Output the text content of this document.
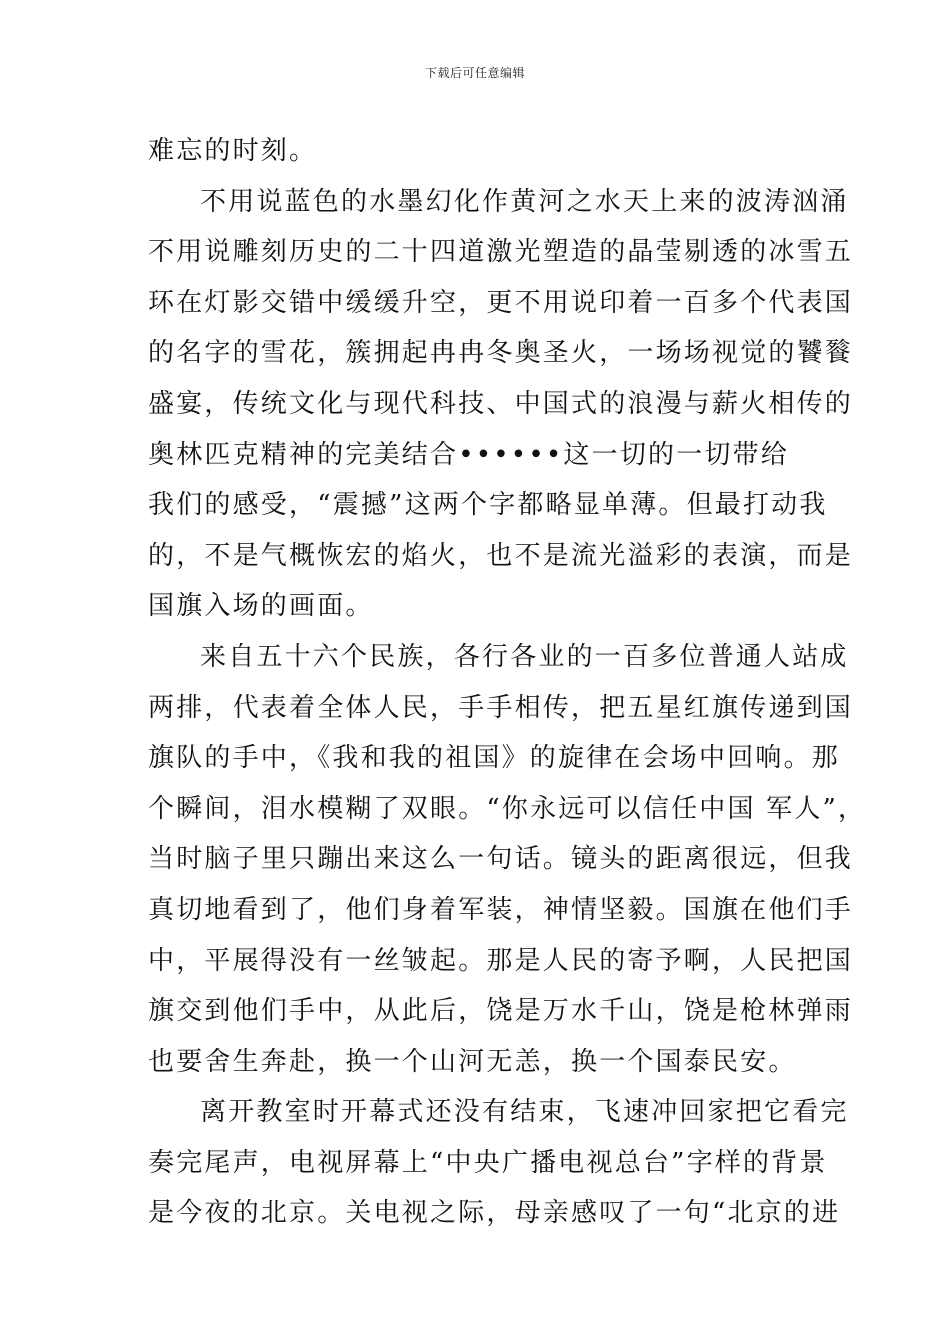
下载后可任意编辑
难忘的时刻。
不用说蓝色的水墨幻化作黄河之水天上来的波涛汹涌
不用说雕刻历史的二十四道激光塑造的晶莹剔透的冰雪五
环在灯影交错中缓缓升空，更不用说印着一百多个代表国
的名字的雪花，簇拥起冉冉冬奥圣火，一场场视觉的饕餮
盛宴，传统文化与现代科技、中国式的浪漫与薪火相传的
奥林匹克精神的完美结合••••••这一切的一切带给
我们的感受，“震撼”这两个字都略显单薄。但最打动我
的，不是气概恢宏的焰火，也不是流光溢彩的表演，而是
国旗入场的画面。
来自五十六个民族，各行各业的一百多位普通人站成
两排，代表着全体人民，手手相传，把五星红旗传递到国
旗队的手中，《我和我的祖国》的旋律在会场中回响。那
个瞬间，泪水模糊了双眼。“你永远可以信任中国 军人”，
当时脑子里只蹦出来这么一句话。镜头的距离很远，但我
真切地看到了，他们身着军装，神情坚毅。国旗在他们手
中，平展得没有一丝皱起。那是人民的寄予啊，人民把国
旗交到他们手中，从此后，饶是万水千山，饶是枪林弹雨
也要舍生奔赴，换一个山河无恙，换一个国泰民安。
离开教室时开幕式还没有结束，飞速冲回家把它看完
奏完尾声，电视屏幕上“中央广播电视总台”字样的背景
是今夜的北京。关电视之际，母亲感叹了一句“北京的进
